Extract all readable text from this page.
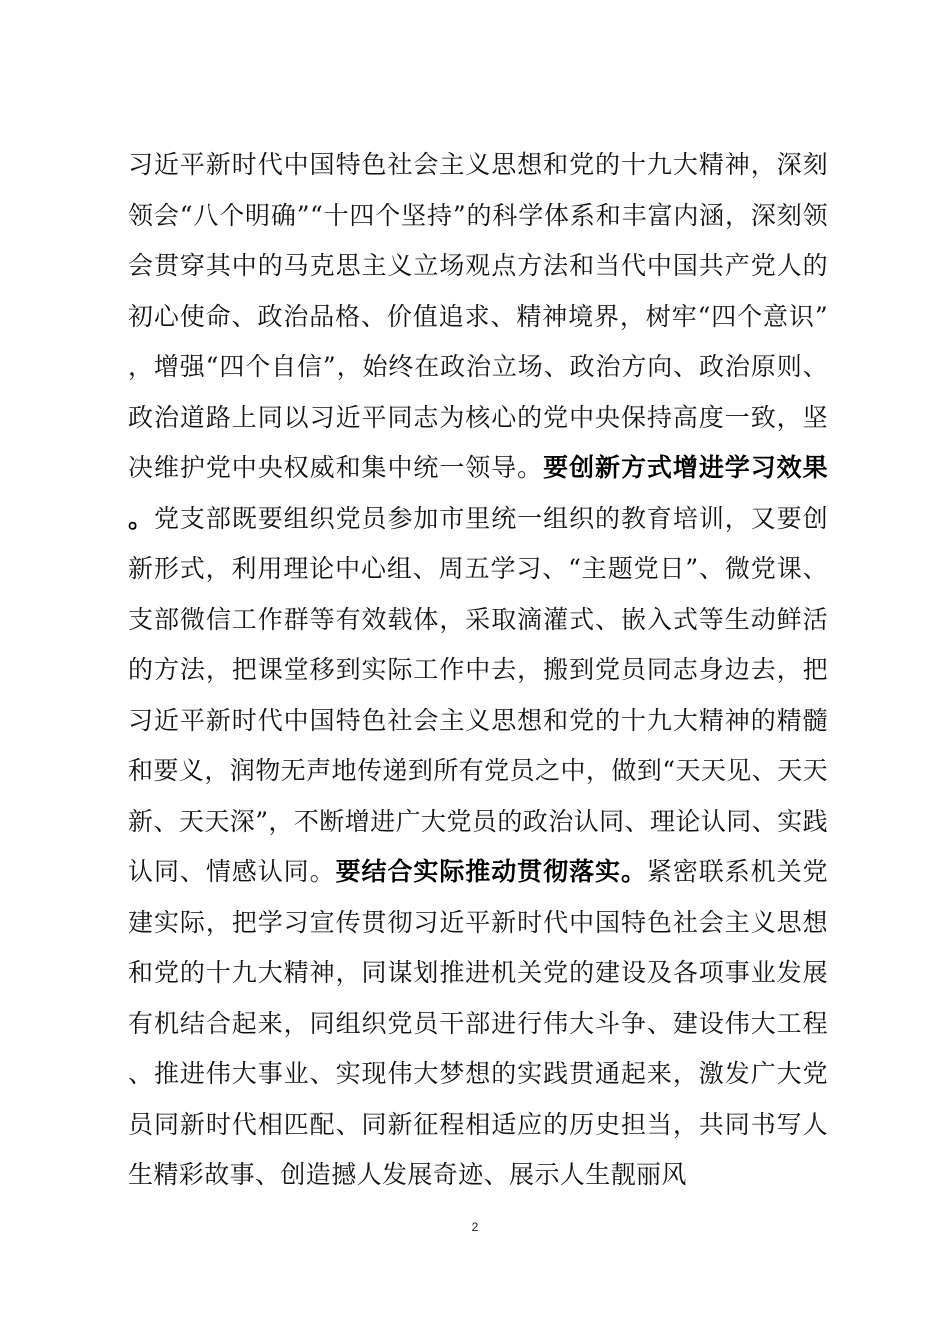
习近平新时代中国特色社会主义思想和党的十九大精神，深刻领会“八个明确”“十四个坚持”的科学体系和丰富内涵，深刻领会贯穿其中的马克思主义立场观点方法和当代中国共产党人的初心使命、政治品格、价值追求、精神境界，树牢“四个意识”，增强“四个自信”，始终在政治立场、政治方向、政治原则、政治道路上同以习近平同志为核心的党中央保持高度一致，坚决维护党中央权威和集中统一领导。要创新方式增进学习效果。党支部既要组织党员参加市里统一组织的教育培训，又要创新形式，利用理论中心组、周五学习、“主题党日”、微党课、支部微信工作群等有效载体，采取滴灌式、嵌入式等生动鲜活的方法，把课堂移到实际工作中去，搬到党员同志身边去，把习近平新时代中国特色社会主义思想和党的十九大精神的精髓和要义，润物无声地传递到所有党员之中，做到“天天见、天天新、天天深”，不断增进广大党员的政治认同、理论认同、实践认同、情感认同。要结合实际推动贯彻落实。紧密联系机关党建实际，把学习宣传贯彻习近平新时代中国特色社会主义思想和党的十九大精神，同谋划推进机关党的建设及各项事业发展有机结合起来，同组织党员干部进行伟大斗争、建设伟大工程、推进伟大事业、实现伟大梦想的实践贯通起来，激发广大党员同新时代相匹配、同新征程相适应的历史担当，共同书写人生精彩故事、创造撼人发展奇迹、展示人生靓丽风

2
